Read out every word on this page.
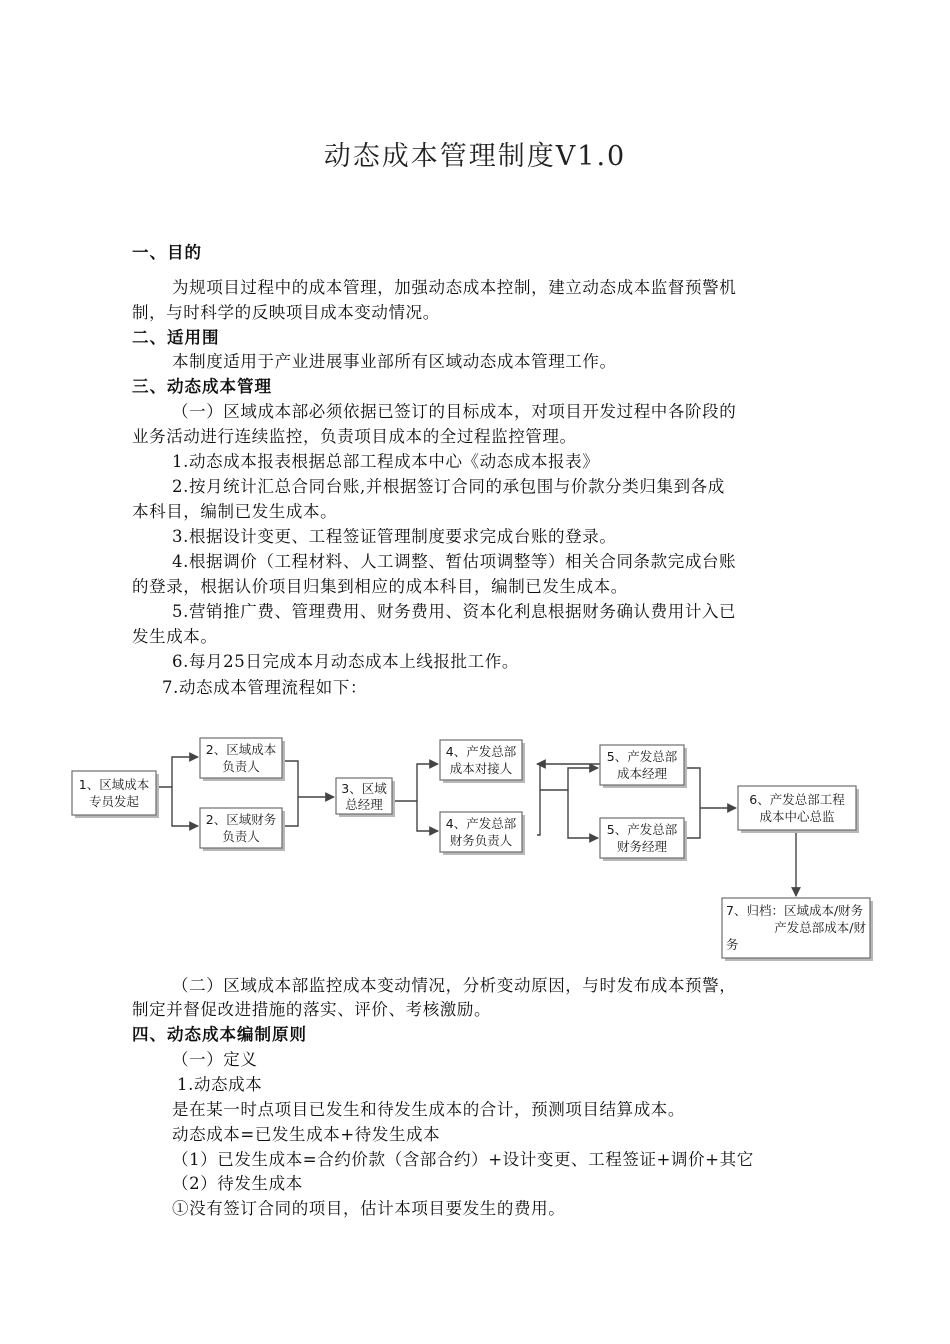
动态成本管理制度V1.0
一、目的
为规项目过程中的成本管理，加强动态成本控制，建立动态成本监督预警机
制，与时科学的反映项目成本变动情况。
二、适用围
本制度适用于产业进展事业部所有区域动态成本管理工作。
三、动态成本管理
（一）区域成本部必须依据已签订的目标成本，对项目开发过程中各阶段的
业务活动进行连续监控，负责项目成本的全过程监控管理。
1.动态成本报表根据总部工程成本中心《动态成本报表》
2.按月统计汇总合同台账,并根据签订合同的承包围与价款分类归集到各成
本科目，编制已发生成本。
3.根据设计变更、工程签证管理制度要求完成台账的登录。
4.根据调价（工程材料、人工调整、暂估项调整等）相关合同条款完成台账
的登录，根据认价项目归集到相应的成本科目，编制已发生成本。
5.营销推广费、管理费用、财务费用、资本化利息根据财务确认费用计入已
发生成本。
6.每月25日完成本月动态成本上线报批工作。
7.动态成本管理流程如下：
1、区域成本
专员发起
2、区域成本
负责人
2、区域财务
负责人
3、区域
总经理
4、产发总部
成本对接人
4、产发总部
财务负责人
5、产发总部
成本经理
5、产发总部
财务经理
6、产发总部工程
成本中心总监
7、归档：区域成本/财务
产发总部成本/财
务
（二）区域成本部监控成本变动情况，分析变动原因，与时发布成本预警，
制定并督促改进措施的落实、评价、考核激励。
四、动态成本编制原则
（一）定义
1.动态成本
是在某一时点项目已发生和待发生成本的合计，预测项目结算成本。
动态成本=已发生成本+待发生成本
（1）已发生成本=合约价款（含部合约）+设计变更、工程签证+调价+其它
（2）待发生成本
①没有签订合同的项目，估计本项目要发生的费用。
